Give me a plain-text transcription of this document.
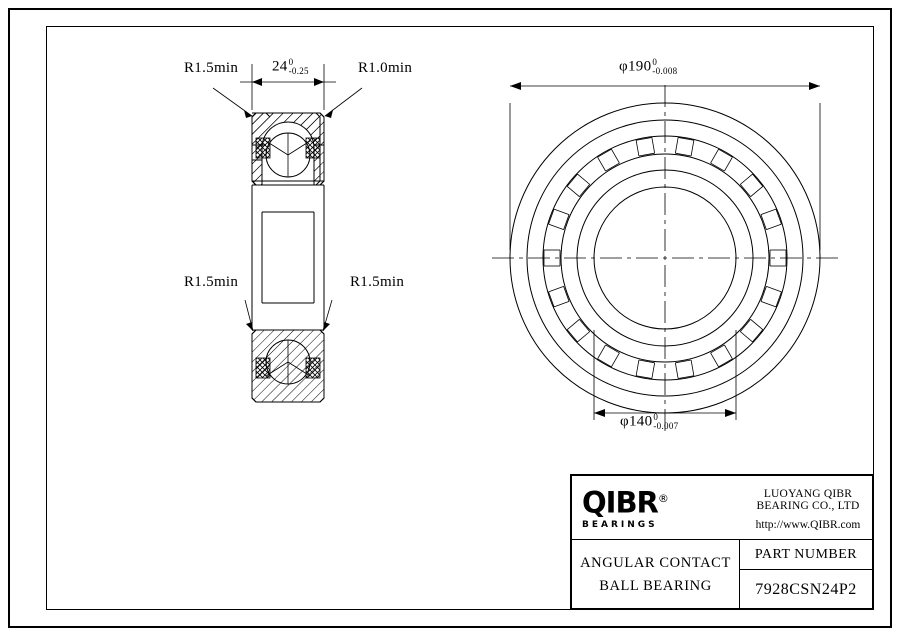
R1.5min	R1.0min
R1.5min	R1.5min
24 0
-0.25	φ190 0
-0.008
φ140 0
-0.007
QIBR®
BEARINGS
LUOYANG QIBR BEARING CO., LTD
http://www.QIBR.com
ANGULAR CONTACT
BALL BEARING
PART NUMBER
7928CSN24P2
